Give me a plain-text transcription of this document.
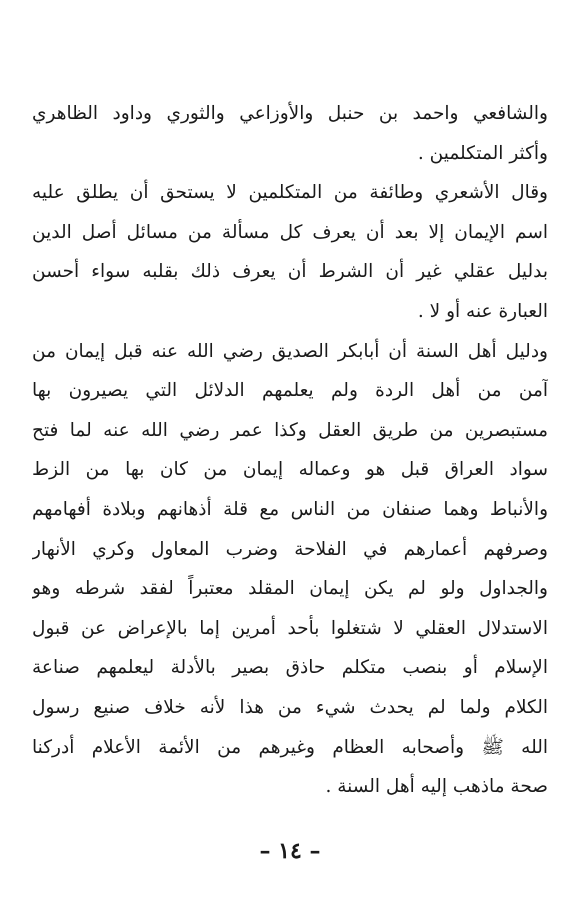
والشافعي واحمد بن حنبل والأوزاعي والثوري وداود الظاهري
وأكثر المتكلمين .
وقال الأشعري وطائفة من المتكلمين لا يستحق أن يطلق عليه
اسم الإيمان إلا بعد أن يعرف كل مسألة من مسائل أصل الدين
بدليل عقلي غير أن الشرط أن يعرف ذلك بقلبه سواء أحسن
العبارة عنه أو لا .
ودليل أهل السنة أن أبابكر الصديق رضي الله عنه قبل إيمان من
آمن من أهل الردة ولم يعلمهم الدلائل التي يصيرون بها
مستبصرين من طريق العقل وكذا عمر رضي الله عنه لما فتح
سواد العراق قبل هو وعماله إيمان من كان بها من الزط
والأنباط وهما صنفان من الناس مع قلة أذهانهم وبلادة أفهامهم
وصرفهم أعمارهم في الفلاحة وضرب المعاول وكري الأنهار
والجداول ولو لم يكن إيمان المقلد معتبراً لفقد شرطه وهو
الاستدلال العقلي لا شتغلوا بأحد أمرين إما بالإعراض عن قبول
الإسلام أو بنصب متكلم حاذق بصير بالأدلة ليعلمهم صناعة
الكلام ولما لم يحدث شيء من هذا لأنه خلاف صنيع رسول
الله ﷺ وأصحابه العظام وغيرهم من الأئمة الأعلام أدركنا
صحة ماذهب إليه أهل السنة .
– ١٤ –
